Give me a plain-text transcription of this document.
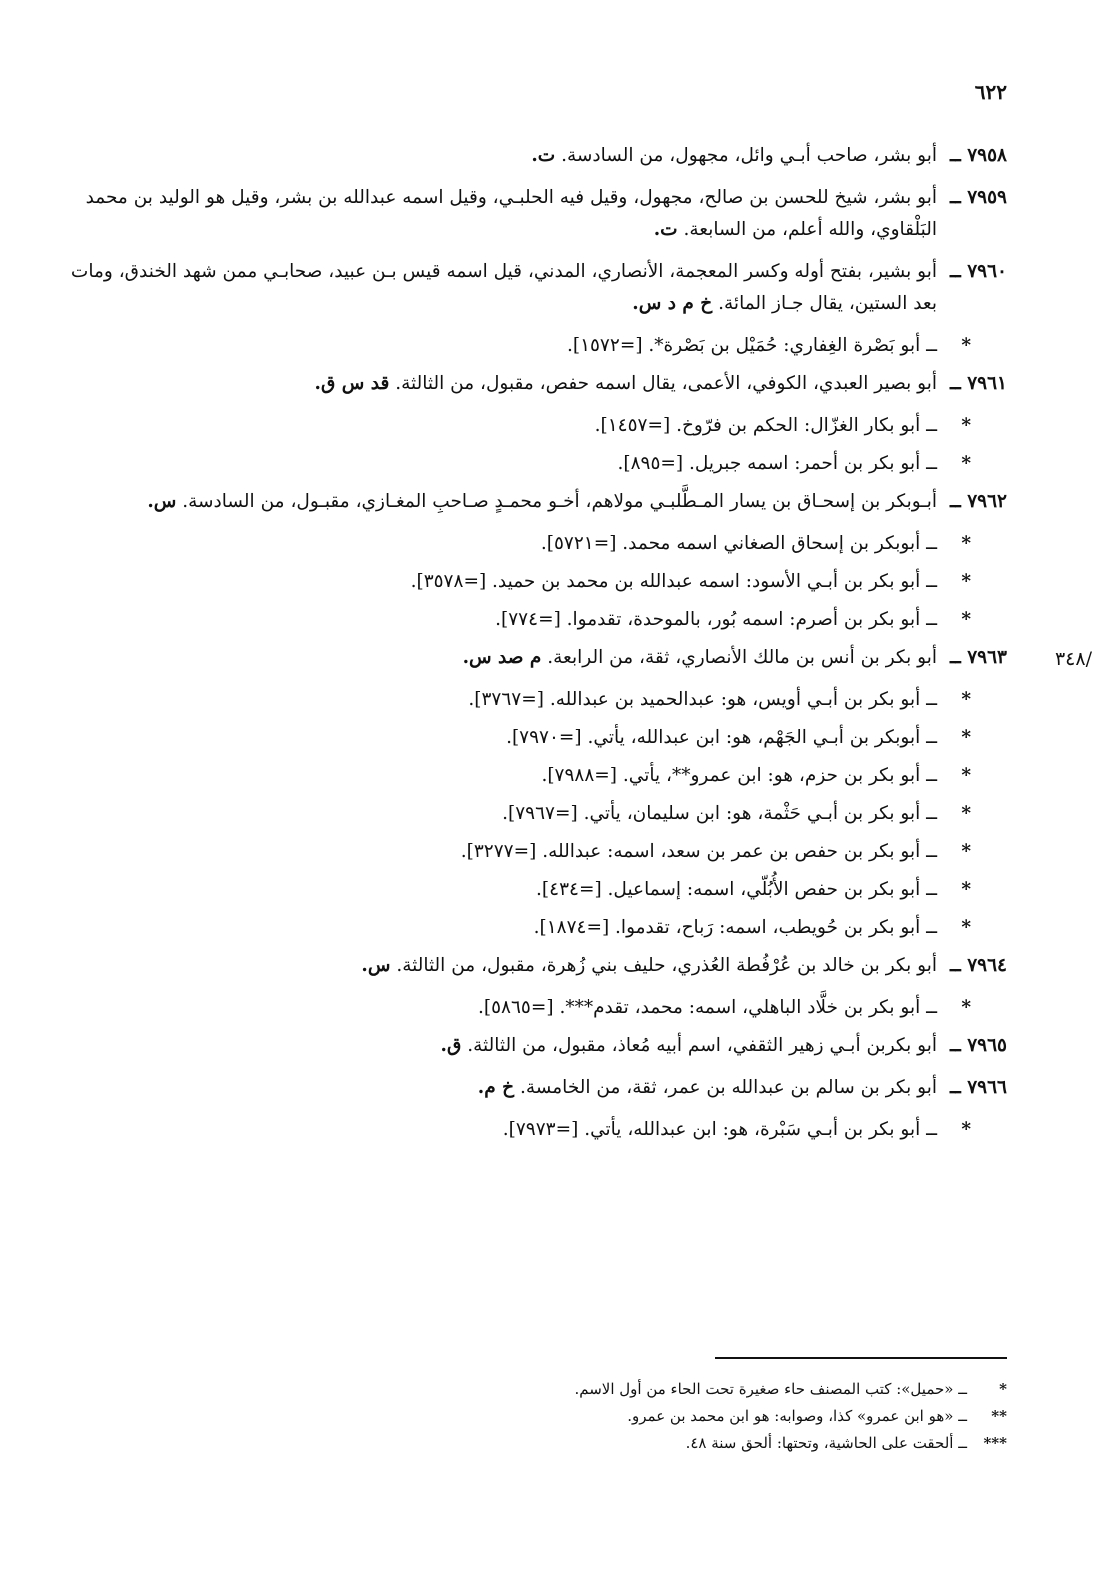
٦٢٢
/٣٤٨
٧٩٥٨ ــ
أبو بشر، صاحب أبـي وائل، مجهول، من السادسة. ت.
٧٩٥٩ ــ
أبو بشر، شيخ للحسن بن صالح، مجهول، وقيل فيه الحلبـي، وقيل اسمه عبدالله بن بشر، وقيل هو الوليد بن محمد البَلْقاوي، والله أعلم، من السابعة. ت.
٧٩٦٠ ــ
أبو بشير، بفتح أوله وكسر المعجمة، الأنصاري، المدني، قيل اسمه قيس بـن عبيد، صحابـي ممن شهد الخندق، ومات بعد الستين، يقال جـاز المائة. خ م د س.
*
ــ أبو بَصْرة الغِفاري: حُمَيْل بن بَصْرة*. [=١٥٧٢].
٧٩٦١ ــ
أبو بصير العبدي، الكوفي، الأعمى، يقال اسمه حفص، مقبول، من الثالثة. قد س ق.
*
ــ أبو بكار الغزّال: الحكم بن فرّوخ. [=١٤٥٧].
*
ــ أبو بكر بن أحمر: اسمه جبريل. [=٨٩٥].
٧٩٦٢ ــ
أبـوبكر بن إسحـاق بن يسار المـطَّلبـي مولاهم، أخـو محمـدٍ صـاحبِ المغـازي، مقبـول، من السادسة. س.
*
ــ أبوبكر بن إسحاق الصغاني اسمه محمد. [=٥٧٢١].
*
ــ أبو بكر بن أبـي الأسود: اسمه عبدالله بن محمد بن حميد. [=٣٥٧٨].
*
ــ أبو بكر بن أصرم: اسمه بُور، بالموحدة، تقدموا. [=٧٧٤].
٧٩٦٣ ــ
أبو بكر بن أنس بن مالك الأنصاري، ثقة، من الرابعة. م صد س.
*
ــ أبو بكر بن أبـي أويس، هو: عبدالحميد بن عبدالله. [=٣٧٦٧].
*
ــ أبوبكر بن أبـي الجَهْم، هو: ابن عبدالله، يأتي. [=٧٩٧٠].
*
ــ أبو بكر بن حزم، هو: ابن عمرو**، يأتي. [=٧٩٨٨].
*
ــ أبو بكر بن أبـي حَثْمة، هو: ابن سليمان، يأتي. [=٧٩٦٧].
*
ــ أبو بكر بن حفص بن عمر بن سعد، اسمه: عبدالله. [=٣٢٧٧].
*
ــ أبو بكر بن حفص الأُبُلّي، اسمه: إسماعيل. [=٤٣٤].
*
ــ أبو بكر بن حُويطب، اسمه: رَباح، تقدموا. [=١٨٧٤].
٧٩٦٤ ــ
أبو بكر بن خالد بن عُرْفُطة العُذري، حليف بني زُهرة، مقبول، من الثالثة. س.
*
ــ أبو بكر بن خلَّاد الباهلي، اسمه: محمد، تقدم***. [=٥٨٦٥].
٧٩٦٥ ــ
أبو بكربن أبـي زهير الثقفي، اسم أبيه مُعاذ، مقبول، من الثالثة. ق.
٧٩٦٦ ــ
أبو بكر بن سالم بن عبدالله بن عمر، ثقة، من الخامسة. خ م.
*
ــ أبو بكر بن أبـي سَبْرة، هو: ابن عبدالله، يأتي. [=٧٩٧٣].
*
ــ «حميل»: كتب المصنف حاء صغيرة تحت الحاء من أول الاسم.
**
ــ «هو ابن عمرو» كذا، وصوابه: هو ابن محمد بن عمرو.
***
ــ ألحقت على الحاشية، وتحتها: ألحق سنة ٤٨.
